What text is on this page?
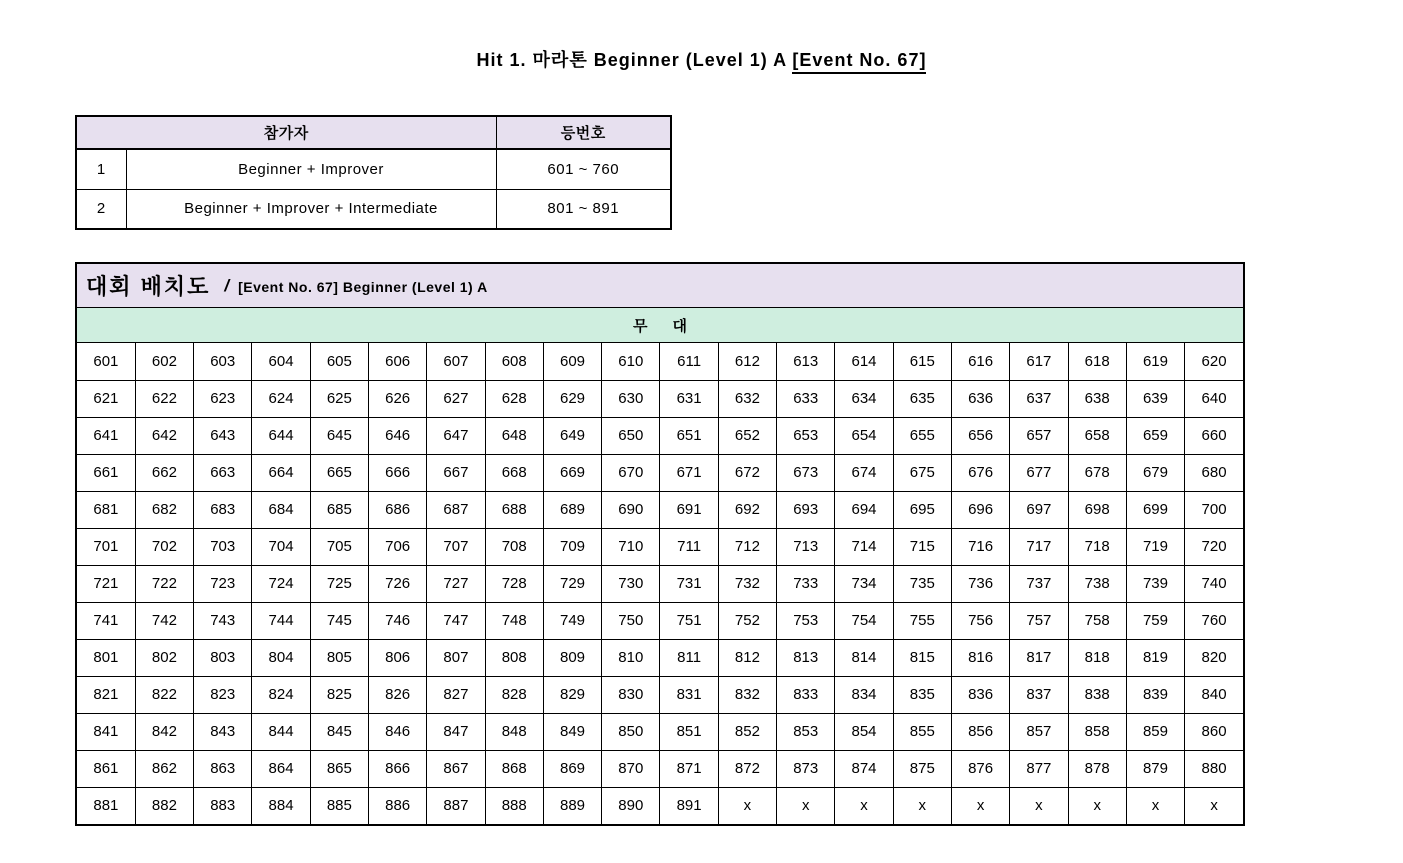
Hit 1. 마라톤 Beginner (Level 1) A [Event No. 67]
참가자		등번호
1	Beginner + Improver	601 ~ 760
2	Beginner + Improver + Intermediate	801 ~ 891
대회 배치도 / [Event No. 67] Beginner (Level 1) A
무      대
601	602	603	604	605	606	607	608	609	610	611	612	613	614	615	616	617	618	619	620
621	622	623	624	625	626	627	628	629	630	631	632	633	634	635	636	637	638	639	640
641	642	643	644	645	646	647	648	649	650	651	652	653	654	655	656	657	658	659	660
661	662	663	664	665	666	667	668	669	670	671	672	673	674	675	676	677	678	679	680
681	682	683	684	685	686	687	688	689	690	691	692	693	694	695	696	697	698	699	700
701	702	703	704	705	706	707	708	709	710	711	712	713	714	715	716	717	718	719	720
721	722	723	724	725	726	727	728	729	730	731	732	733	734	735	736	737	738	739	740
741	742	743	744	745	746	747	748	749	750	751	752	753	754	755	756	757	758	759	760
801	802	803	804	805	806	807	808	809	810	811	812	813	814	815	816	817	818	819	820
821	822	823	824	825	826	827	828	829	830	831	832	833	834	835	836	837	838	839	840
841	842	843	844	845	846	847	848	849	850	851	852	853	854	855	856	857	858	859	860
861	862	863	864	865	866	867	868	869	870	871	872	873	874	875	876	877	878	879	880
881	882	883	884	885	886	887	888	889	890	891	x	x	x	x	x	x	x	x	x
